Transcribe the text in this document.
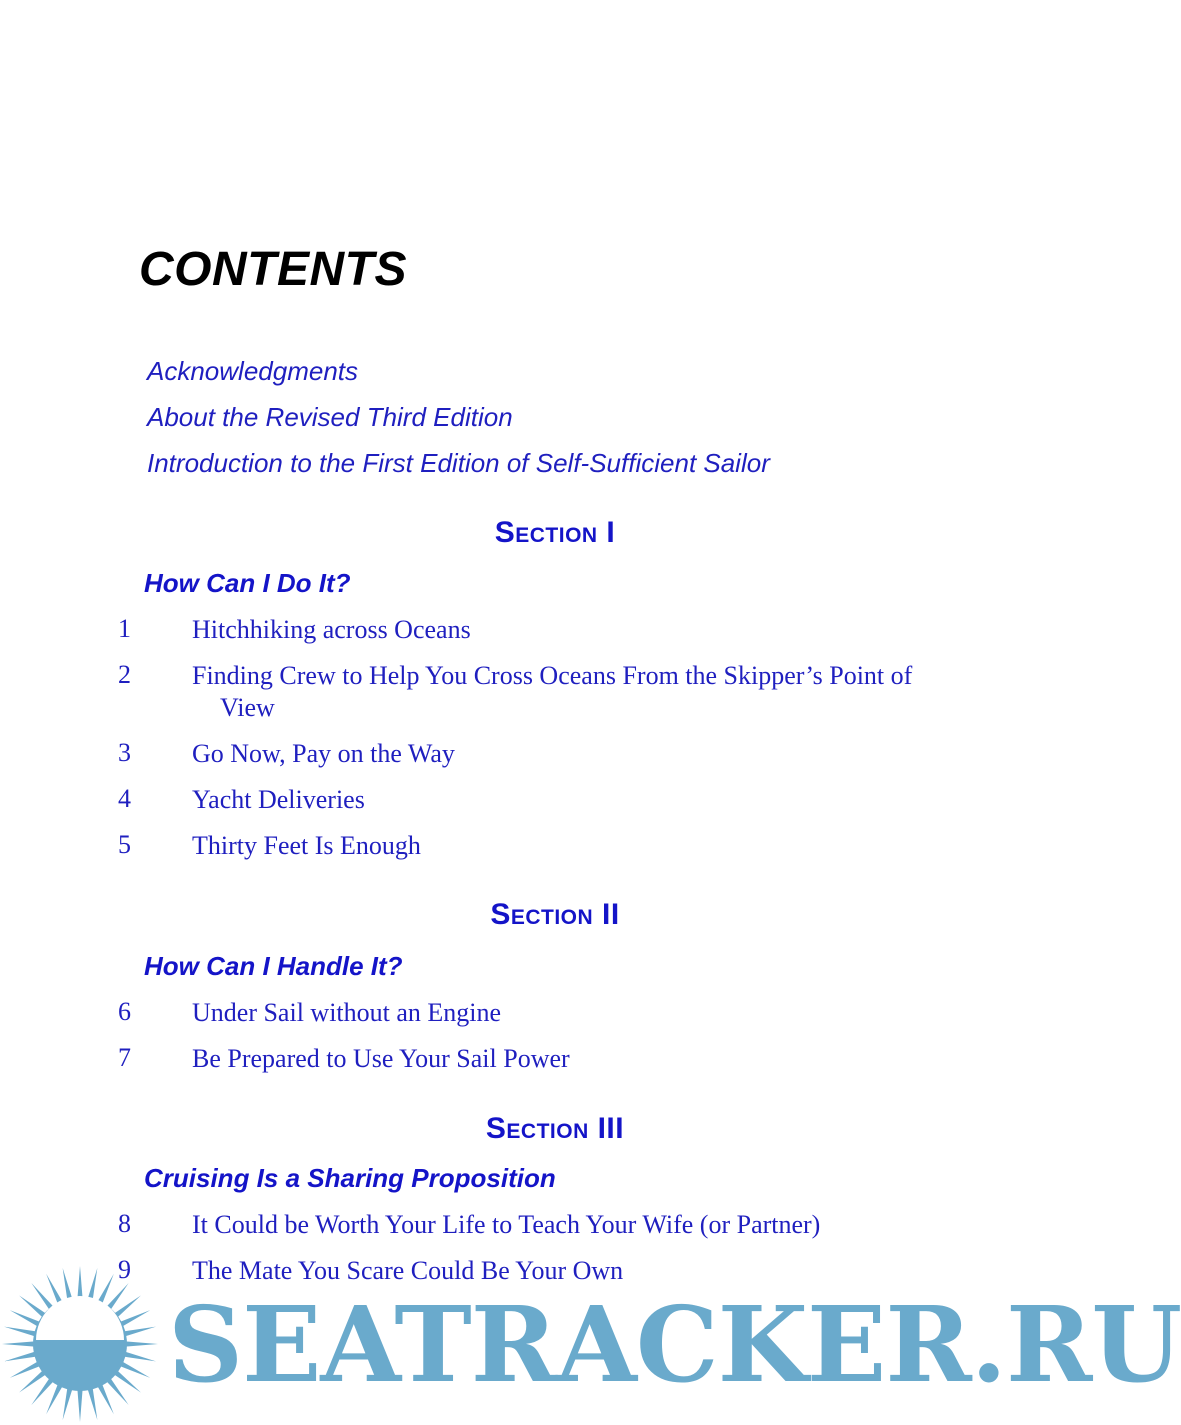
CONTENTS
Acknowledgments
About the Revised Third Edition
Introduction to the First Edition of Self-Sufficient Sailor
Section I
How Can I Do It?
1	Hitchhiking across Oceans
2	Finding Crew to Help You Cross Oceans From the Skipper’s Point of
View
3	Go Now, Pay on the Way
4	Yacht Deliveries
5	Thirty Feet Is Enough
Section II
How Can I Handle It?
6	Under Sail without an Engine
7	Be Prepared to Use Your Sail Power
Section III
Cruising Is a Sharing Proposition
8	It Could be Worth Your Life to Teach Your Wife (or Partner)
9	The Mate You Scare Could Be Your Own
SEATRACKER.RU
